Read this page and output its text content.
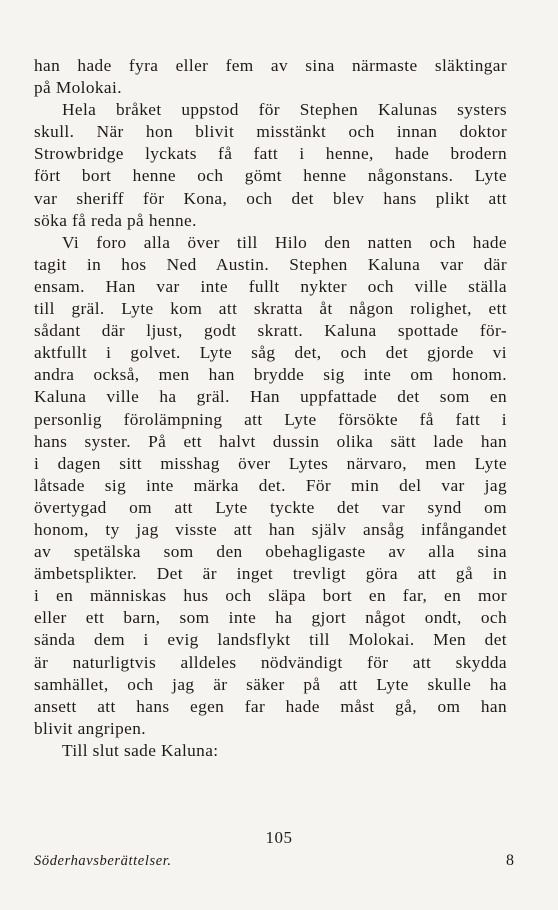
han hade fyra eller fem av sina närmaste släktingar
på Molokai.
Hela bråket uppstod för Stephen Kalunas systers
skull. När hon blivit misstänkt och innan doktor
Strowbridge lyckats få fatt i henne, hade brodern
fört bort henne och gömt henne någonstans. Lyte
var sheriff för Kona, och det blev hans plikt att
söka få reda på henne.
Vi foro alla över till Hilo den natten och hade
tagit in hos Ned Austin. Stephen Kaluna var där
ensam. Han var inte fullt nykter och ville ställa
till gräl. Lyte kom att skratta åt någon rolighet, ett
sådant där ljust, godt skratt. Kaluna spottade för-
aktfullt i golvet. Lyte såg det, och det gjorde vi
andra också, men han brydde sig inte om honom.
Kaluna ville ha gräl. Han uppfattade det som en
personlig förolämpning att Lyte försökte få fatt i
hans syster. På ett halvt dussin olika sätt lade han
i dagen sitt misshag över Lytes närvaro, men Lyte
låtsade sig inte märka det. För min del var jag
övertygad om att Lyte tyckte det var synd om
honom, ty jag visste att han själv ansåg infångandet
av spetälska som den obehagligaste av alla sina
ämbetsplikter. Det är inget trevligt göra att gå in
i en människas hus och släpa bort en far, en mor
eller ett barn, som inte ha gjort något ondt, och
sända dem i evig landsflykt till Molokai. Men det
är naturligtvis alldeles nödvändigt för att skydda
samhället, och jag är säker på att Lyte skulle ha
ansett att hans egen far hade måst gå, om han
blivit angripen.
Till slut sade Kaluna:
105
Söderhavsberättelser.	8
